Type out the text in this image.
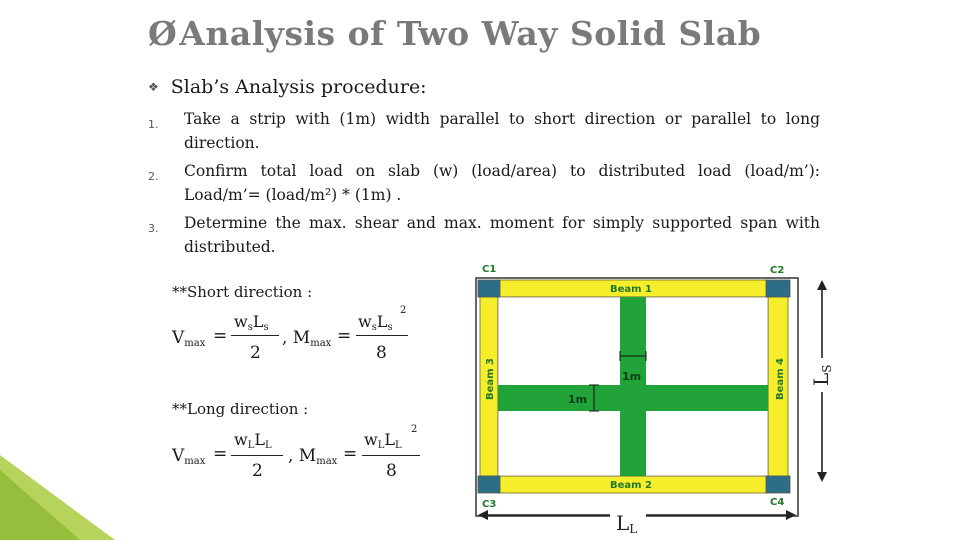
ØAnalysis of Two Way Solid Slab
❖ Slab’s Analysis procedure:
1. Take a strip with (1m) width parallel to short direction or parallel to long direction.
2. Confirm total load on slab (w) (load/area) to distributed load (load/m’): Load/m’= (load/m²) * (1m) .
3. Determine the max. shear and max. moment for simply supported span with distributed.
**Short direction :
$V_{max}$ =
$w_sL_s$
2
, $M_{max}$ =
$w_sL_s$
2
8
**Long direction :
$V_{max}$ =
$w_LL_L$
2
, $M_{max}$ =
$w_LL_L$
2
8
C1	C2
C3	C4
Beam 1
Beam 2
Beam 3	Beam 4
1m
1m
LS
LL
